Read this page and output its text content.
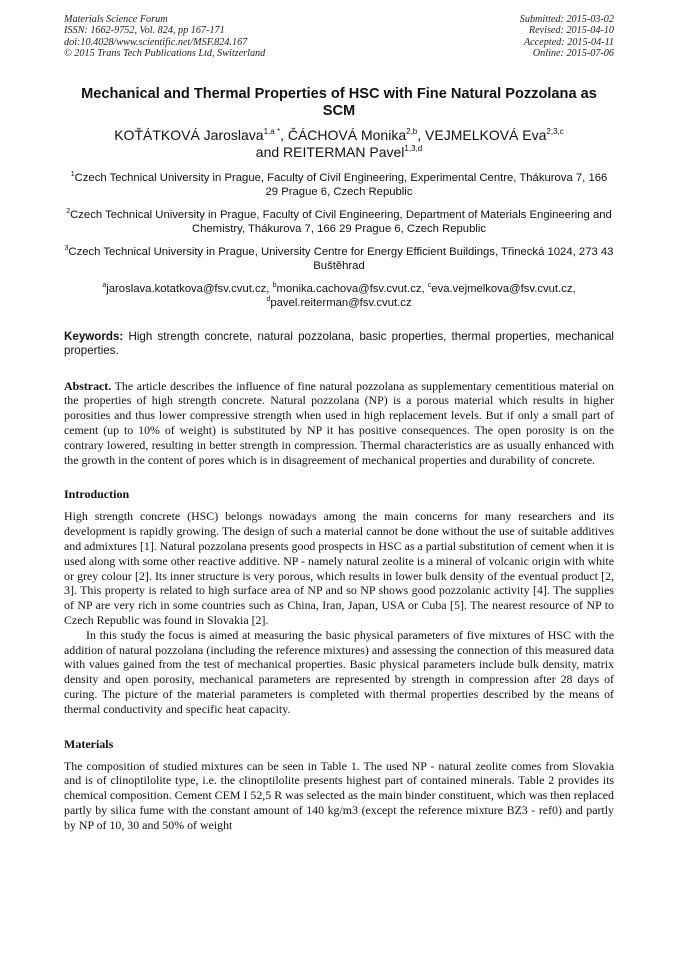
Materials Science Forum
ISSN: 1662-9752, Vol. 824, pp 167-171
doi:10.4028/www.scientific.net/MSF.824.167
© 2015 Trans Tech Publications Ltd, Switzerland
Submitted: 2015-03-02
Revised: 2015-04-10
Accepted: 2015-04-11
Online: 2015-07-06
Mechanical and Thermal Properties of HSC with Fine Natural Pozzolana as SCM
KOŤÁTKOVÁ Jaroslava$^{1,a *}$, ČÁCHOVÁ Monika$^{2,b}$, VEJMELKOVÁ Eva$^{2,3,c}$
and REITERMAN Pavel$^{1,3,d}$
$^1$Czech Technical University in Prague, Faculty of Civil Engineering, Experimental Centre, Thákurova 7, 166 29 Prague 6, Czech Republic
$^2$Czech Technical University in Prague, Faculty of Civil Engineering, Department of Materials Engineering and Chemistry, Thákurova 7, 166 29 Prague 6, Czech Republic
$^3$Czech Technical University in Prague, University Centre for Energy Efficient Buildings, Třinecká 1024, 273 43 Buštěhrad
$^a$jaroslava.kotatkova@fsv.cvut.cz, $^b$monika.cachova@fsv.cvut.cz, $^c$eva.vejmelkova@fsv.cvut.cz,
$^d$pavel.reiterman@fsv.cvut.cz
Keywords: High strength concrete, natural pozzolana, basic properties, thermal properties, mechanical properties.
Abstract. The article describes the influence of fine natural pozzolana as supplementary cementitious material on the properties of high strength concrete. Natural pozzolana (NP) is a porous material which results in higher porosities and thus lower compressive strength when used in high replacement levels. But if only a small part of cement (up to 10% of weight) is substituted by NP it has positive consequences. The open porosity is on the contrary lowered, resulting in better strength in compression. Thermal characteristics are as usually enhanced with the growth in the content of pores which is in disagreement of mechanical properties and durability of concrete.
Introduction

High strength concrete (HSC) belongs nowadays among the main concerns for many researchers and its development is rapidly growing. The design of such a material cannot be done without the use of suitable additives and admixtures [1]. Natural pozzolana presents good prospects in HSC as a partial substitution of cement when it is used along with some other reactive additive. NP - namely natural zeolite is a mineral of volcanic origin with white or grey colour [2]. Its inner structure is very porous, which results in lower bulk density of the eventual product [2, 3]. This property is related to high surface area of NP and so NP shows good pozzolanic activity [4]. The supplies of NP are very rich in some countries such as China, Iran, Japan, USA or Cuba [5]. The nearest resource of NP to Czech Republic was found in Slovakia [2].

In this study the focus is aimed at measuring the basic physical parameters of five mixtures of HSC with the addition of natural pozzolana (including the reference mixtures) and assessing the connection of this measured data with values gained from the test of mechanical properties. Basic physical parameters include bulk density, matrix density and open porosity, mechanical parameters are represented by strength in compression after 28 days of curing. The picture of the material parameters is completed with thermal properties described by the means of thermal conductivity and specific heat capacity.

Materials

The composition of studied mixtures can be seen in Table 1. The used NP - natural zeolite comes from Slovakia and is of clinoptilolite type, i.e. the clinoptilolite presents highest part of contained minerals. Table 2 provides its chemical composition. Cement CEM I 52,5 R was selected as the main binder constituent, which was then replaced partly by silica fume with the constant amount of 140 kg/m3 (except the reference mixture BZ3 - ref0) and partly by NP of 10, 30 and 50% of weight
